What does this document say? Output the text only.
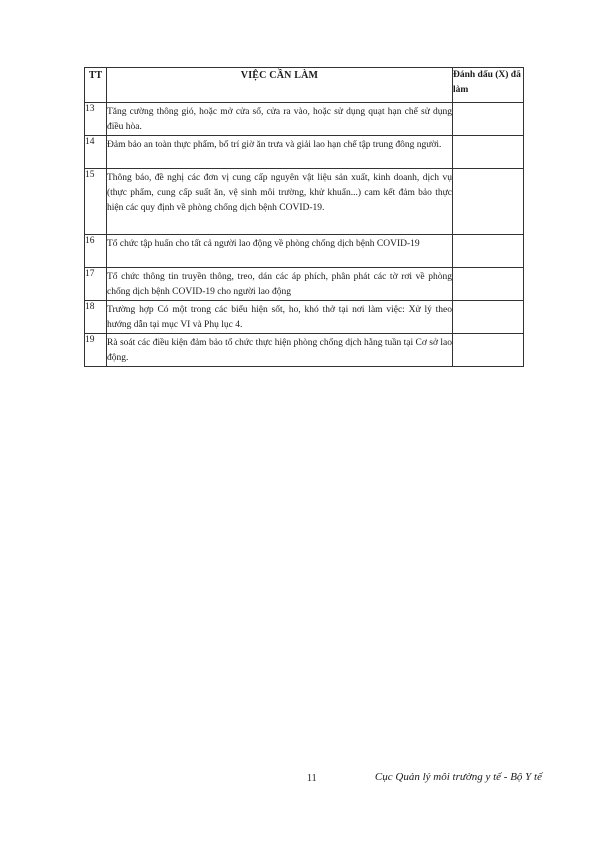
TT	VIỆC CẦN LÀM	Đánh dấu (X) đã làm
13	Tăng cường thông gió, hoặc mở cửa sổ, cửa ra vào, hoặc sử dụng quạt hạn chế sử dụng điều hòa.	

14	Đảm bảo an toàn thực phẩm, bố trí giờ ăn trưa và giải lao hạn chế tập trung đông người.	

15	Thông báo, đề nghị các đơn vị cung cấp nguyên vật liệu sản xuất, kinh doanh, dịch vụ (thực phẩm, cung cấp suất ăn, vệ sinh môi trường, khử khuẩn...) cam kết đảm bảo thực hiện các quy định về phòng chống dịch bệnh COVID-19.	

16	Tổ chức tập huấn cho tất cả người lao động về phòng chống dịch bệnh COVID-19	

17	Tổ chức thông tin truyền thông, treo, dán các áp phích, phân phát các tờ rơi về phòng chống dịch bệnh COVID-19 cho người lao động	

18	Trường hợp Có một trong các biểu hiện sốt, ho, khó thở tại nơi làm việc: Xử lý theo hướng dẫn tại mục VI và Phụ lục 4.	

19	Rà soát các điều kiện đảm bảo tổ chức thực hiện phòng chống dịch hằng tuần tại Cơ sở lao động.	

11	Cục Quản lý môi trường y tế - Bộ Y tế
